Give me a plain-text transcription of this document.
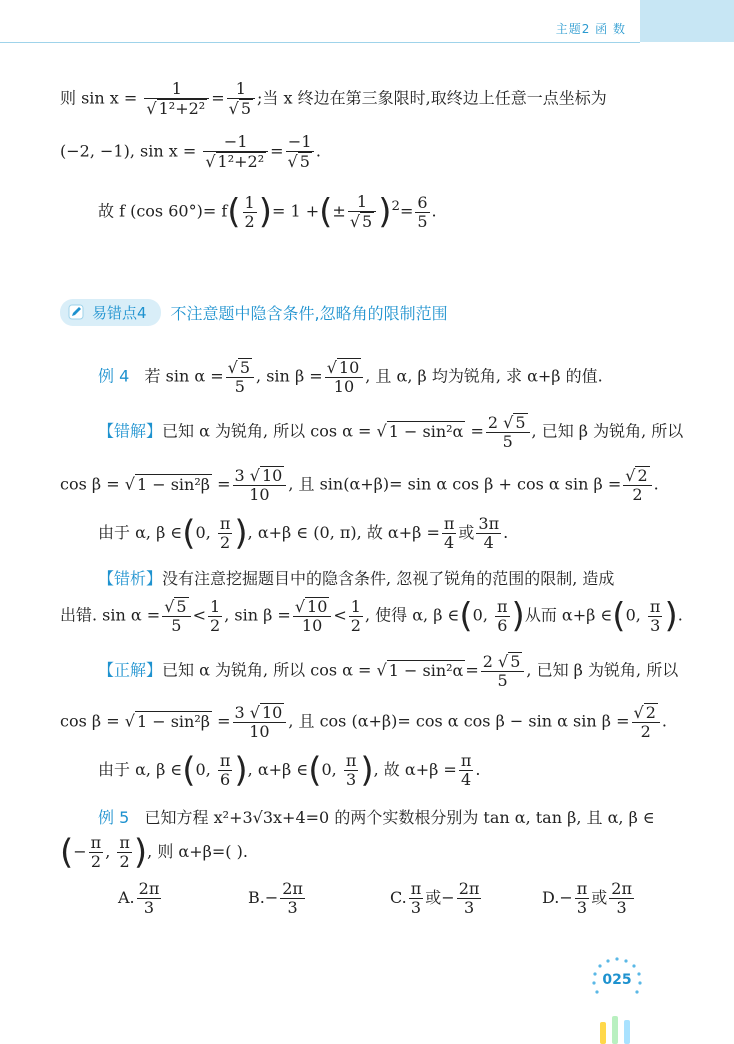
主题2 函 数
则 $\sin x = \frac{1}{\text{√ 1²+2²}} = \frac{1}{√ 5}$ ;当 x 终边在第三象限时,取终边上任意一点坐标为
(−2, −1), $\sin x = \frac{-1}{\text{√ 1²+2²}} = \frac{-1}{√ 5}$ .
故 f (cos $60^\circ)= f( \frac{1}{2}$ )= 1 +(± $\frac{1}{√ 5} )^2= \frac{6}{5}$ .
易错点4 不注意题中隐含条件,忽略角的限制范围
例 4 若 $\sin \alpha = \frac{√ 5}{5}$ , $\sin \beta = \frac{√ 10}{10}$ , 且 α, β 均为锐角, 求 α+β 的值.
【错解】已知 α 为锐角, 所以 cos α = √ $1 - \sin^2\alpha = \frac{2 √ 5}{5}$ , 已知 β 为锐角, 所以
cos β = √ $1 - \sin^2\beta = \frac{3 √ 10}{10}$ , 且 sin(α+β)= sin α cos β + cos α $\sin \beta = \frac{√ 2}{2}$ .
由于 α, β ∈(0, $\frac{\pi}{2}$ ), α+β ∈ (0, π), 故 $\alpha+\beta = \frac{\pi}{4}$ 或 $\frac{3\pi}{4}$ .
【错析】没有注意挖掘题目中的隐含条件, 忽视了锐角的范围的限制, 造成
出错. $\sin \alpha = \frac{√ 5}{5} < \frac{1}{2}$ , $\sin \beta = \frac{√ 10}{10} < \frac{1}{2}$ , 使得 α, β ∈(0, $\frac{\pi}{6}$ )从而 α+β ∈(0, $\frac{\pi}{3}$ ).
【正解】已知 α 为锐角, 所以 cos α = √ $1 - \sin^2\alpha = \frac{2 √ 5}{5}$ , 已知 β 为锐角, 所以
cos β = √ $1 - \sin^2\beta = \frac{3 √ 10}{10}$ , 且 cos (α+β)= cos α cos β − sin α $\sin \beta = \frac{√ 2}{2}$ .
由于 α, β ∈(0, $\frac{\pi}{6}$ ), α+β ∈(0, $\frac{\pi}{3}$ ), 故 $\alpha+\beta = \frac{\pi}{4}$ .
例 5 已知方程 x²+3√3x+4=0 的两个实数根分别为 tan α, tan β, 且 α, β ∈
(− $\frac{\pi}{2}$ , $\frac{\pi}{2}$ ), 则 α+β=( ).
A. $\frac{2\pi}{3}$	$B.- \frac{2\pi}{3}$	C. $\frac{\pi}{3}$ 或− $\frac{2\pi}{3}$	$D.- \frac{\pi}{3}$ 或 $\frac{2\pi}{3}$
025
